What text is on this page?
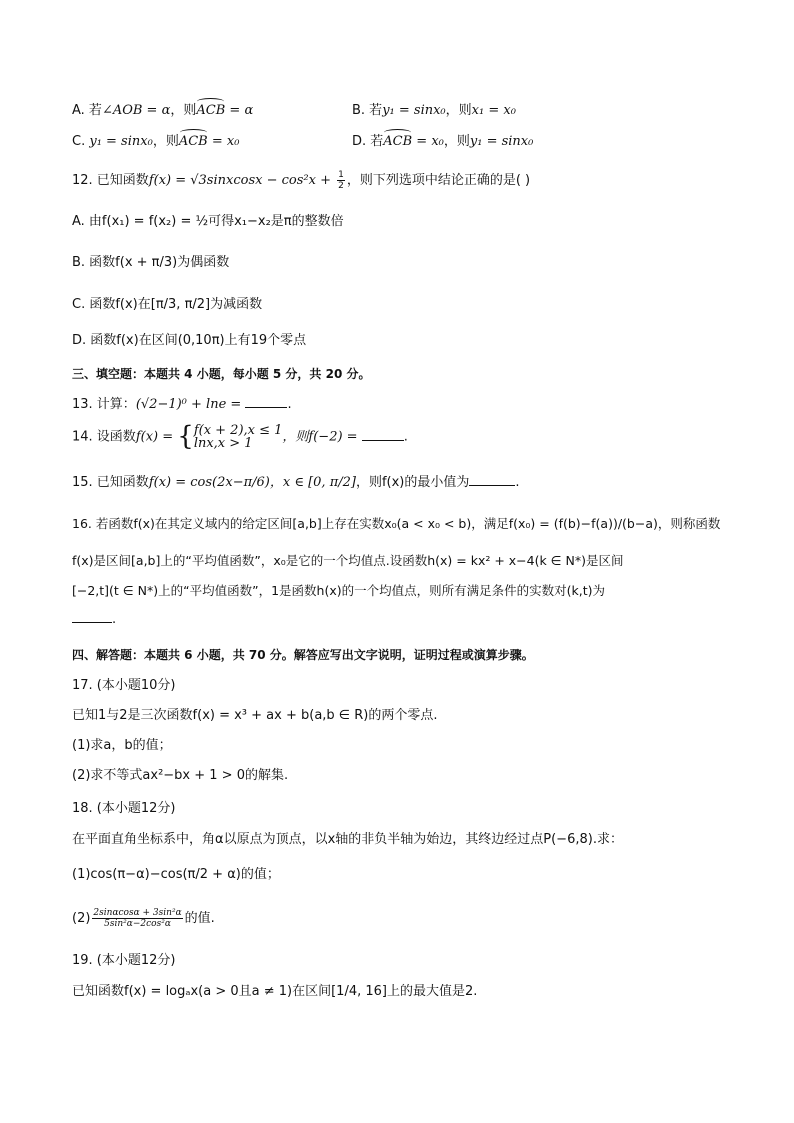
A. 若∠AOB = α，则ACB = α	B. 若y₁ = sinx₀，则x₁ = x₀
C. y₁ = sinx₀，则ACB = x₀	D. 若ACB = x₀，则y₁ = sinx₀
12. 已知函数f(x) = √3sinxcosx − $\cos^2x + \frac{1}{2}$ ，则下列选项中结论正确的是( )
A. 由f(x₁) = f(x₂) = ½可得x₁−x₂是π的整数倍
B. 函数f(x + π/3)为偶函数
C. 函数f(x)在[π/3, π/2]为减函数
D. 函数f(x)在区间(0,10π)上有19个零点
三、填空题：本题共 4 小题，每小题 5 分，共 20 分。
13. 计算：(√2−1)⁰ + lne =	.
14. 设函数f(x) = { f(x + 2),x ≤ 1
lnx,x > 1	，则f(−2) =	.
15. 已知函数f(x) = cos(2x−π/6)，x ∈ [0, π/2]，则f(x)的最小值为	.
16. 若函数f(x)在其定义域内的给定区间[a,b]上存在实数x₀(a < x₀ < b)，满足f(x₀) = (f(b)−f(a))/(b−a)，则称函数
f(x)是区间[a,b]上的“平均值函数”，x₀是它的一个均值点.设函数h(x) = kx² + x−4(k ∈ N*)是区间
[−2,t](t ∈ N*)上的“平均值函数”，1是函数h(x)的一个均值点，则所有满足条件的实数对(k,t)为
.
四、解答题：本题共 6 小题，共 70 分。解答应写出文字说明，证明过程或演算步骤。
17. (本小题10分)
已知1与2是三次函数f(x) = x³ + ax + b(a,b ∈ R)的两个零点.
(1)求a，b的值；
(2)求不等式ax²−bx + 1 > 0的解集.
18. (本小题12分)
在平面直角坐标系中，角α以原点为顶点，以x轴的非负半轴为始边，其终边经过点P(−6,8).求：
(1)cos(π−α)−cos(π/2 + α)的值；
$(2) \frac{\text{2sinαcosα + 3sin²α}}{\text{5sin²α−2cos²α}}$ 的值.
19. (本小题12分)
已知函数f(x) = logₐx(a > 0且a ≠ 1)在区间[1/4, 16]上的最大值是2.
